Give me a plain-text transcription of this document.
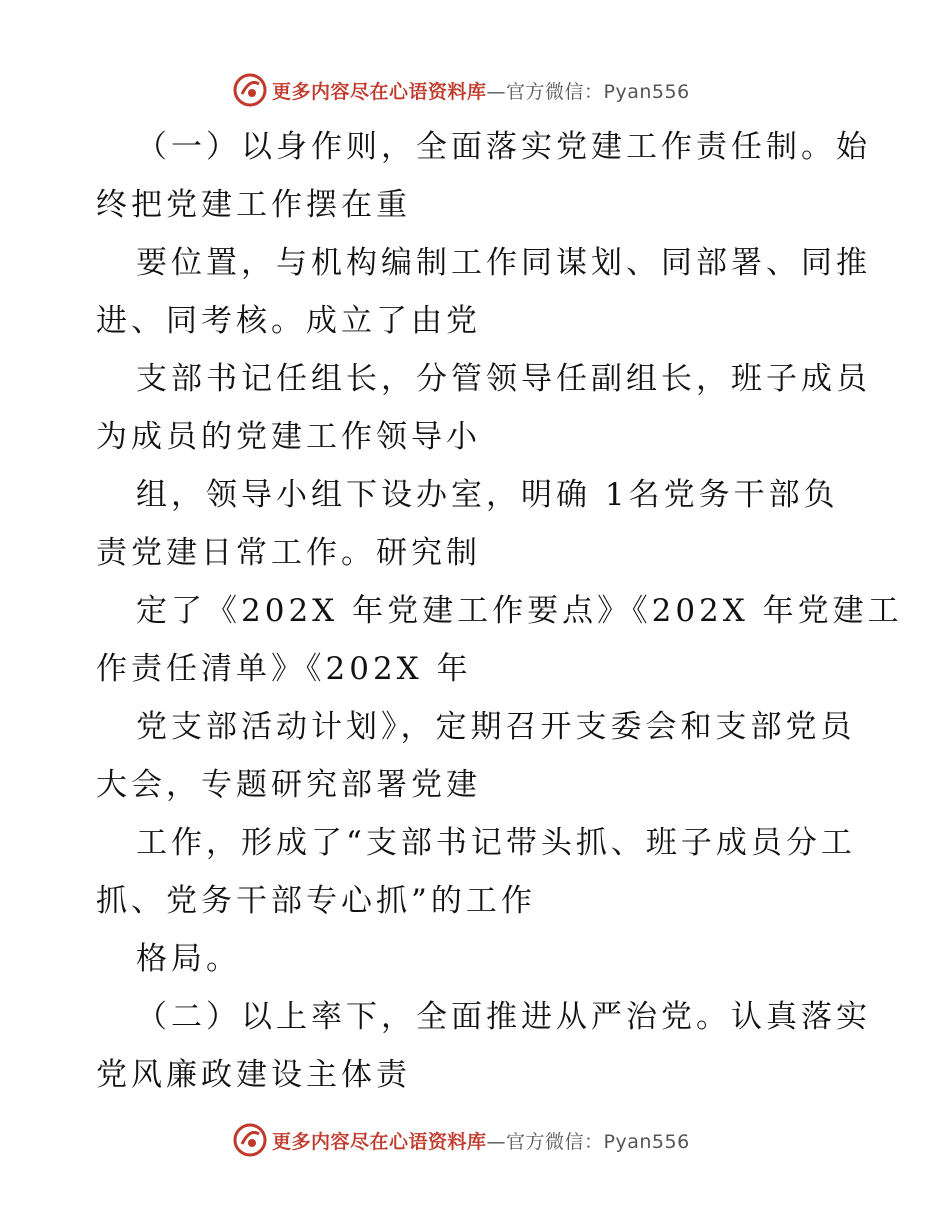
更多内容尽在心语资料库—官方微信：Pyan556
（一）以身作则，全面落实党建工作责任制。始
终把党建工作摆在重
要位置，与机构编制工作同谋划、同部署、同推
进、同考核。成立了由党
支部书记任组长，分管领导任副组长，班子成员
为成员的党建工作领导小
组，领导小组下设办室，明确 1名党务干部负
责党建日常工作。研究制
定了《202X 年党建工作要点》《202X 年党建工
作责任清单》《202X 年
党支部活动计划》，定期召开支委会和支部党员
大会，专题研究部署党建
工作，形成了“支部书记带头抓、班子成员分工
抓、党务干部专心抓”的工作
格局。
（二）以上率下，全面推进从严治党。认真落实
党风廉政建设主体责
更多内容尽在心语资料库—官方微信：Pyan556
